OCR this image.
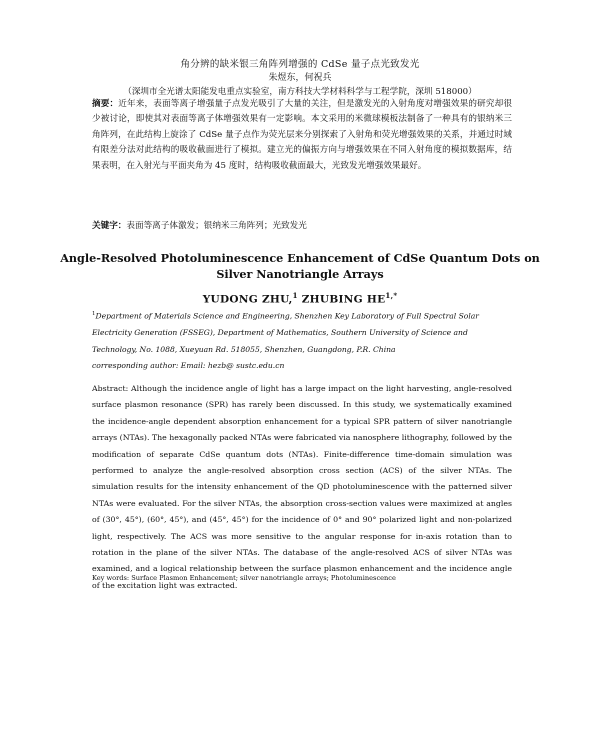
角分辨的缺米银三角阵列增强的 CdSe 量子点光致发光
朱煜东，何祝兵
（深圳市全光谱太阳能发电重点实验室，南方科技大学材料科学与工程学院，深圳 518000）
摘要：近年来，表面等离子增强量子点发光吸引了大量的关注，但是激发光的入射角度对增强效果的研究却很少被讨论，即使其对表面等离子体增强效果有一定影响。本文采用的米微球模板法制备了一种具有的银纳米三角阵列，在此结构上旋涂了 CdSe 量子点作为荧光层来分别探索了入射角和荧光增强效果的关系，并通过时域有限差分法对此结构的吸收截面进行了模拟。建立光的偏振方向与增强效果在不同入射角度的模拟数据库，结果表明，在入射光与平面夹角为 45 度时，结构吸收截面最大，光致发光增强效果最好。
关键字：表面等离子体激发；银纳米三角阵列；光致发光
Angle-Resolved Photoluminescence Enhancement of CdSe Quantum Dots on Silver Nanotriangle Arrays
YUDONG ZHU,$^1$ ZHUBING $HE^{1,*}$
$^1$Department of Materials Science and Engineering, Shenzhen Key Laboratory of Full Spectral Solar Electricity Generation (FSSEG), Department of Mathematics, Southern University of Science and Technology, No. 1088, Xueyuan Rd. 518055, Shenzhen, Guangdong, P.R. China
corresponding author: Email: hezb@ sustc.edu.cn
Abstract: Although the incidence angle of light has a large impact on the light harvesting, angle-resolved surface plasmon resonance (SPR) has rarely been discussed. In this study, we systematically examined the incidence-angle dependent absorption enhancement for a typical SPR pattern of silver nanotriangle arrays (NTAs). The hexagonally packed NTAs were fabricated via nanosphere lithography, followed by the modification of separate CdSe quantum dots (NTAs). Finite-difference time-domain simulation was performed to analyze the angle-resolved absorption cross section (ACS) of the silver NTAs. The simulation results for the intensity enhancement of the QD photoluminescence with the patterned silver NTAs were evaluated. For the silver NTAs, the absorption cross-section values were maximized at angles of (30°, 45°), (60°, 45°), and (45°, 45°) for the incidence of 0° and 90° polarized light and non-polarized light, respectively. The ACS was more sensitive to the angular response for in-axis rotation than to rotation in the plane of the silver NTAs. The database of the angle-resolved ACS of silver NTAs was examined, and a logical relationship between the surface plasmon enhancement and the incidence angle of the excitation light was extracted.
Key words: Surface Plasmon Enhancement; silver nanotriangle arrays; Photoluminescence
